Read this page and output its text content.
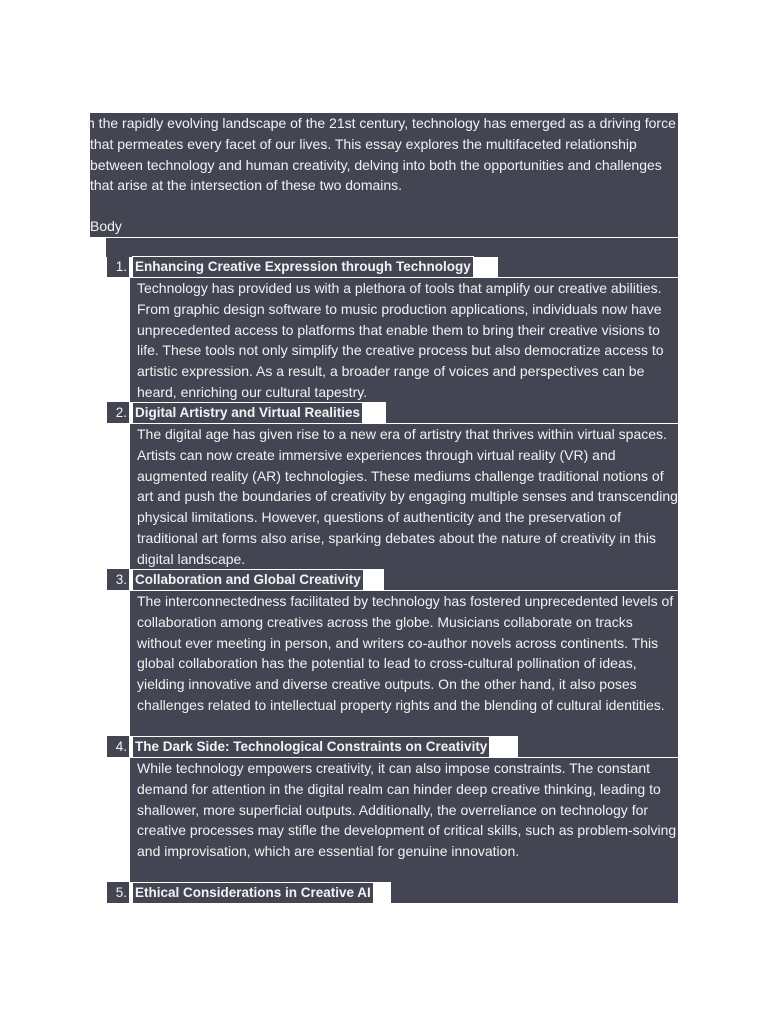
n the rapidly evolving landscape of the 21st century, technology has emerged as a driving force that permeates every facet of our lives. This essay explores the multifaceted relationship between technology and human creativity, delving into both the opportunities and challenges that arise at the intersection of these two domains.
Body
1. Enhancing Creative Expression through Technology
Technology has provided us with a plethora of tools that amplify our creative abilities. From graphic design software to music production applications, individuals now have unprecedented access to platforms that enable them to bring their creative visions to life. These tools not only simplify the creative process but also democratize access to artistic expression. As a result, a broader range of voices and perspectives can be heard, enriching our cultural tapestry.
2. Digital Artistry and Virtual Realities
The digital age has given rise to a new era of artistry that thrives within virtual spaces. Artists can now create immersive experiences through virtual reality (VR) and augmented reality (AR) technologies. These mediums challenge traditional notions of art and push the boundaries of creativity by engaging multiple senses and transcending physical limitations. However, questions of authenticity and the preservation of traditional art forms also arise, sparking debates about the nature of creativity in this digital landscape.
3. Collaboration and Global Creativity
The interconnectedness facilitated by technology has fostered unprecedented levels of collaboration among creatives across the globe. Musicians collaborate on tracks without ever meeting in person, and writers co-author novels across continents. This global collaboration has the potential to lead to cross-cultural pollination of ideas, yielding innovative and diverse creative outputs. On the other hand, it also poses challenges related to intellectual property rights and the blending of cultural identities.
4. The Dark Side: Technological Constraints on Creativity
While technology empowers creativity, it can also impose constraints. The constant demand for attention in the digital realm can hinder deep creative thinking, leading to shallower, more superficial outputs. Additionally, the overreliance on technology for creative processes may stifle the development of critical skills, such as problem-solving and improvisation, which are essential for genuine innovation.
5. Ethical Considerations in Creative AI
